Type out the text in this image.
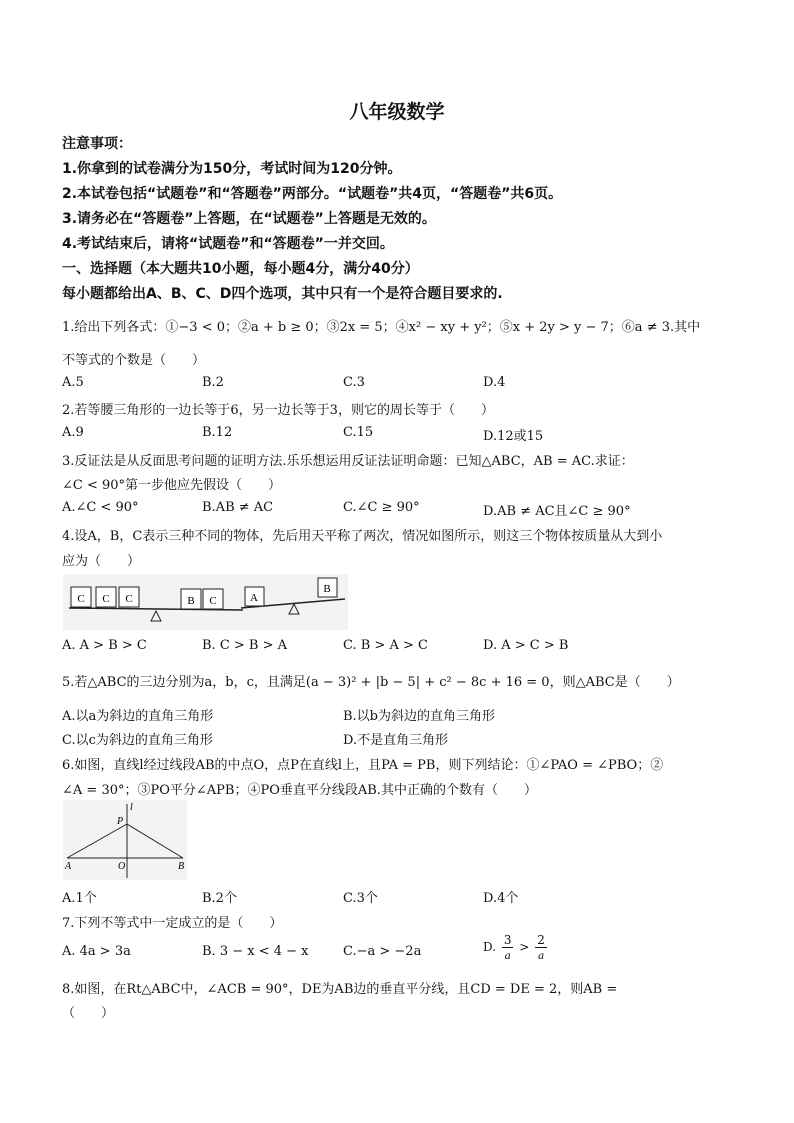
八年级数学
注意事项：
1.你拿到的试卷满分为150分，考试时间为120分钟。
2.本试卷包括“试题卷”和“答题卷”两部分。“试题卷”共4页，“答题卷”共6页。
3.请务必在“答题卷”上答题，在“试题卷”上答题是无效的。
4.考试结束后，请将“试题卷”和“答题卷”一并交回。
一、选择题（本大题共10小题，每小题4分，满分40分）
每小题都给出A、B、C、D四个选项，其中只有一个是符合题目要求的.
1.给出下列各式：①−3 < 0；②a + b ≥ 0；③2x = 5；④x² − xy + y²；⑤x + 2y > y − 7；⑥a ≠ 3.其中
不等式的个数是（　　）
A.5	B.2	C.3	D.4
2.若等腰三角形的一边长等于6，另一边长等于3，则它的周长等于（　　）
A.9	B.12	C.15	D.12或15
3.反证法是从反面思考问题的证明方法.乐乐想运用反证法证明命题：已知△ABC，AB = AC.求证：
∠C < 90°第一步他应先假设（　　）
A.∠C < 90°	B.AB ≠ AC	C.∠C ≥ 90°	D.AB ≠ AC且∠C ≥ 90°
4.设A，B，C表示三种不同的物体，先后用天平称了两次，情况如图所示，则这三个物体按质量从大到小
应为（　　）
C C C	B C	A
B
A. A > B > C	B. C > B > A	C. B > A > C	D. A > C > B
5.若△ABC的三边分别为a，b，c，且满足(a − 3)² + |b − 5| + c² − 8c + 16 = 0，则△ABC是（　　）
A.以a为斜边的直角三角形	B.以b为斜边的直角三角形
C.以c为斜边的直角三角形	D.不是直角三角形
6.如图，直线l经过线段AB的中点O，点P在直线l上，且PA = PB，则下列结论：①∠PAO = ∠PBO；②
∠A = 30°；③PO平分∠APB；④PO垂直平分线段AB.其中正确的个数有（　　）
l
P
A	O	B
A.1个	B.2个	C.3个	D.4个
7.下列不等式中一定成立的是（　　）
A. 4a > 3a	B. 3 − x < 4 − x	C.−a > −2a	D. $\frac{3}{a} > \frac{2}{a}$
8.如图，在Rt△ABC中，∠ACB = 90°，DE为AB边的垂直平分线，且CD = DE = 2，则AB =
（　　）
